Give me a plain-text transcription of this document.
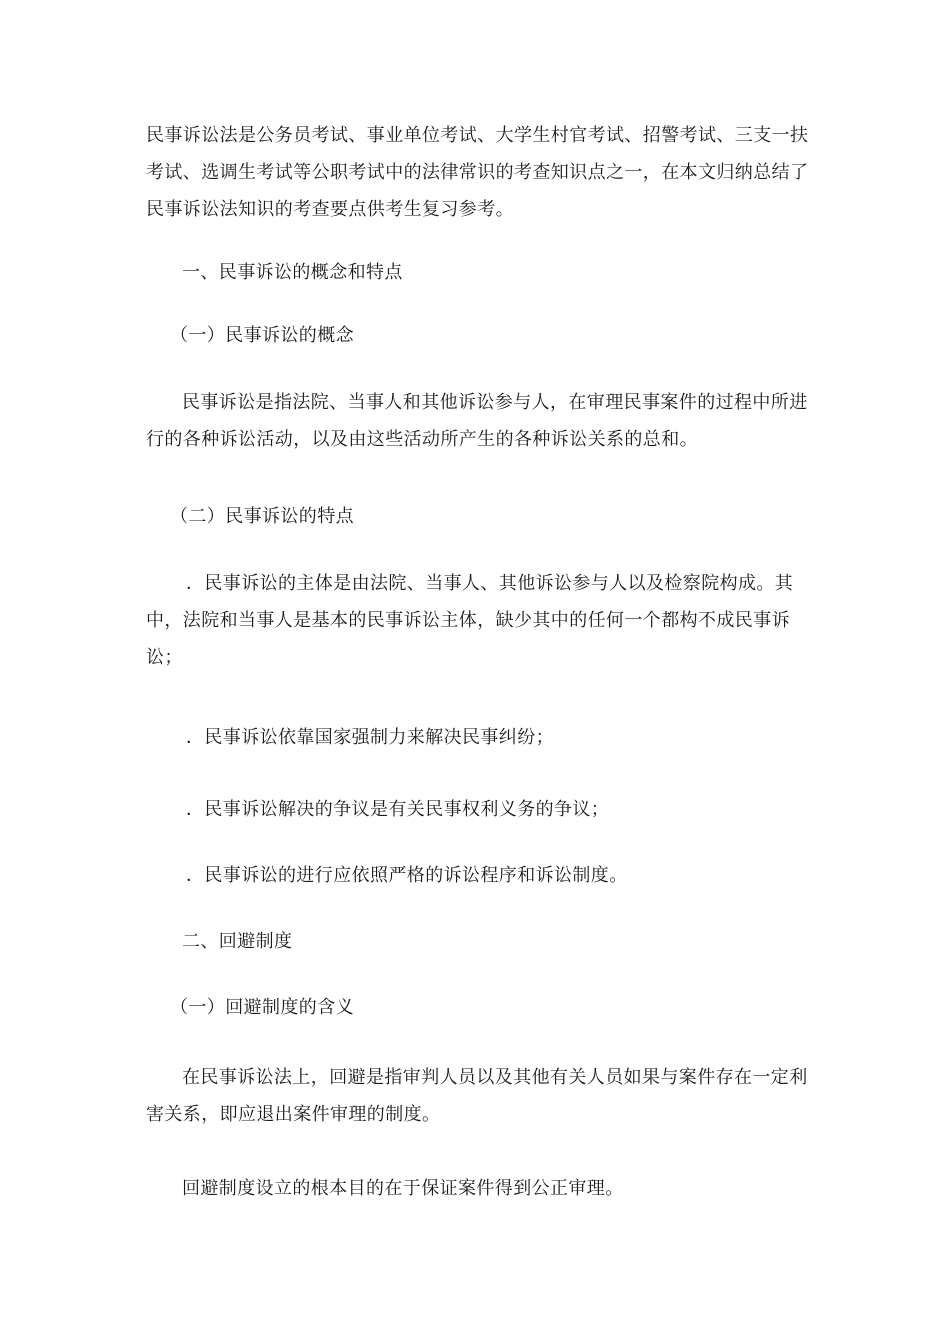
民事诉讼法是公务员考试、事业单位考试、大学生村官考试、招警考试、三支一扶考试、选调生考试等公职考试中的法律常识的考查知识点之一，在本文归纳总结了民事诉讼法知识的考查要点供考生复习参考。

一、民事诉讼的概念和特点

（一）民事诉讼的概念

民事诉讼是指法院、当事人和其他诉讼参与人，在审理民事案件的过程中所进行的各种诉讼活动，以及由这些活动所产生的各种诉讼关系的总和。

（二）民事诉讼的特点

．民事诉讼的主体是由法院、当事人、其他诉讼参与人以及检察院构成。其中，法院和当事人是基本的民事诉讼主体，缺少其中的任何一个都构不成民事诉讼；

．民事诉讼依靠国家强制力来解决民事纠纷；

．民事诉讼解决的争议是有关民事权利义务的争议；

．民事诉讼的进行应依照严格的诉讼程序和诉讼制度。

二、回避制度

（一）回避制度的含义

在民事诉讼法上，回避是指审判人员以及其他有关人员如果与案件存在一定利害关系，即应退出案件审理的制度。

回避制度设立的根本目的在于保证案件得到公正审理。
